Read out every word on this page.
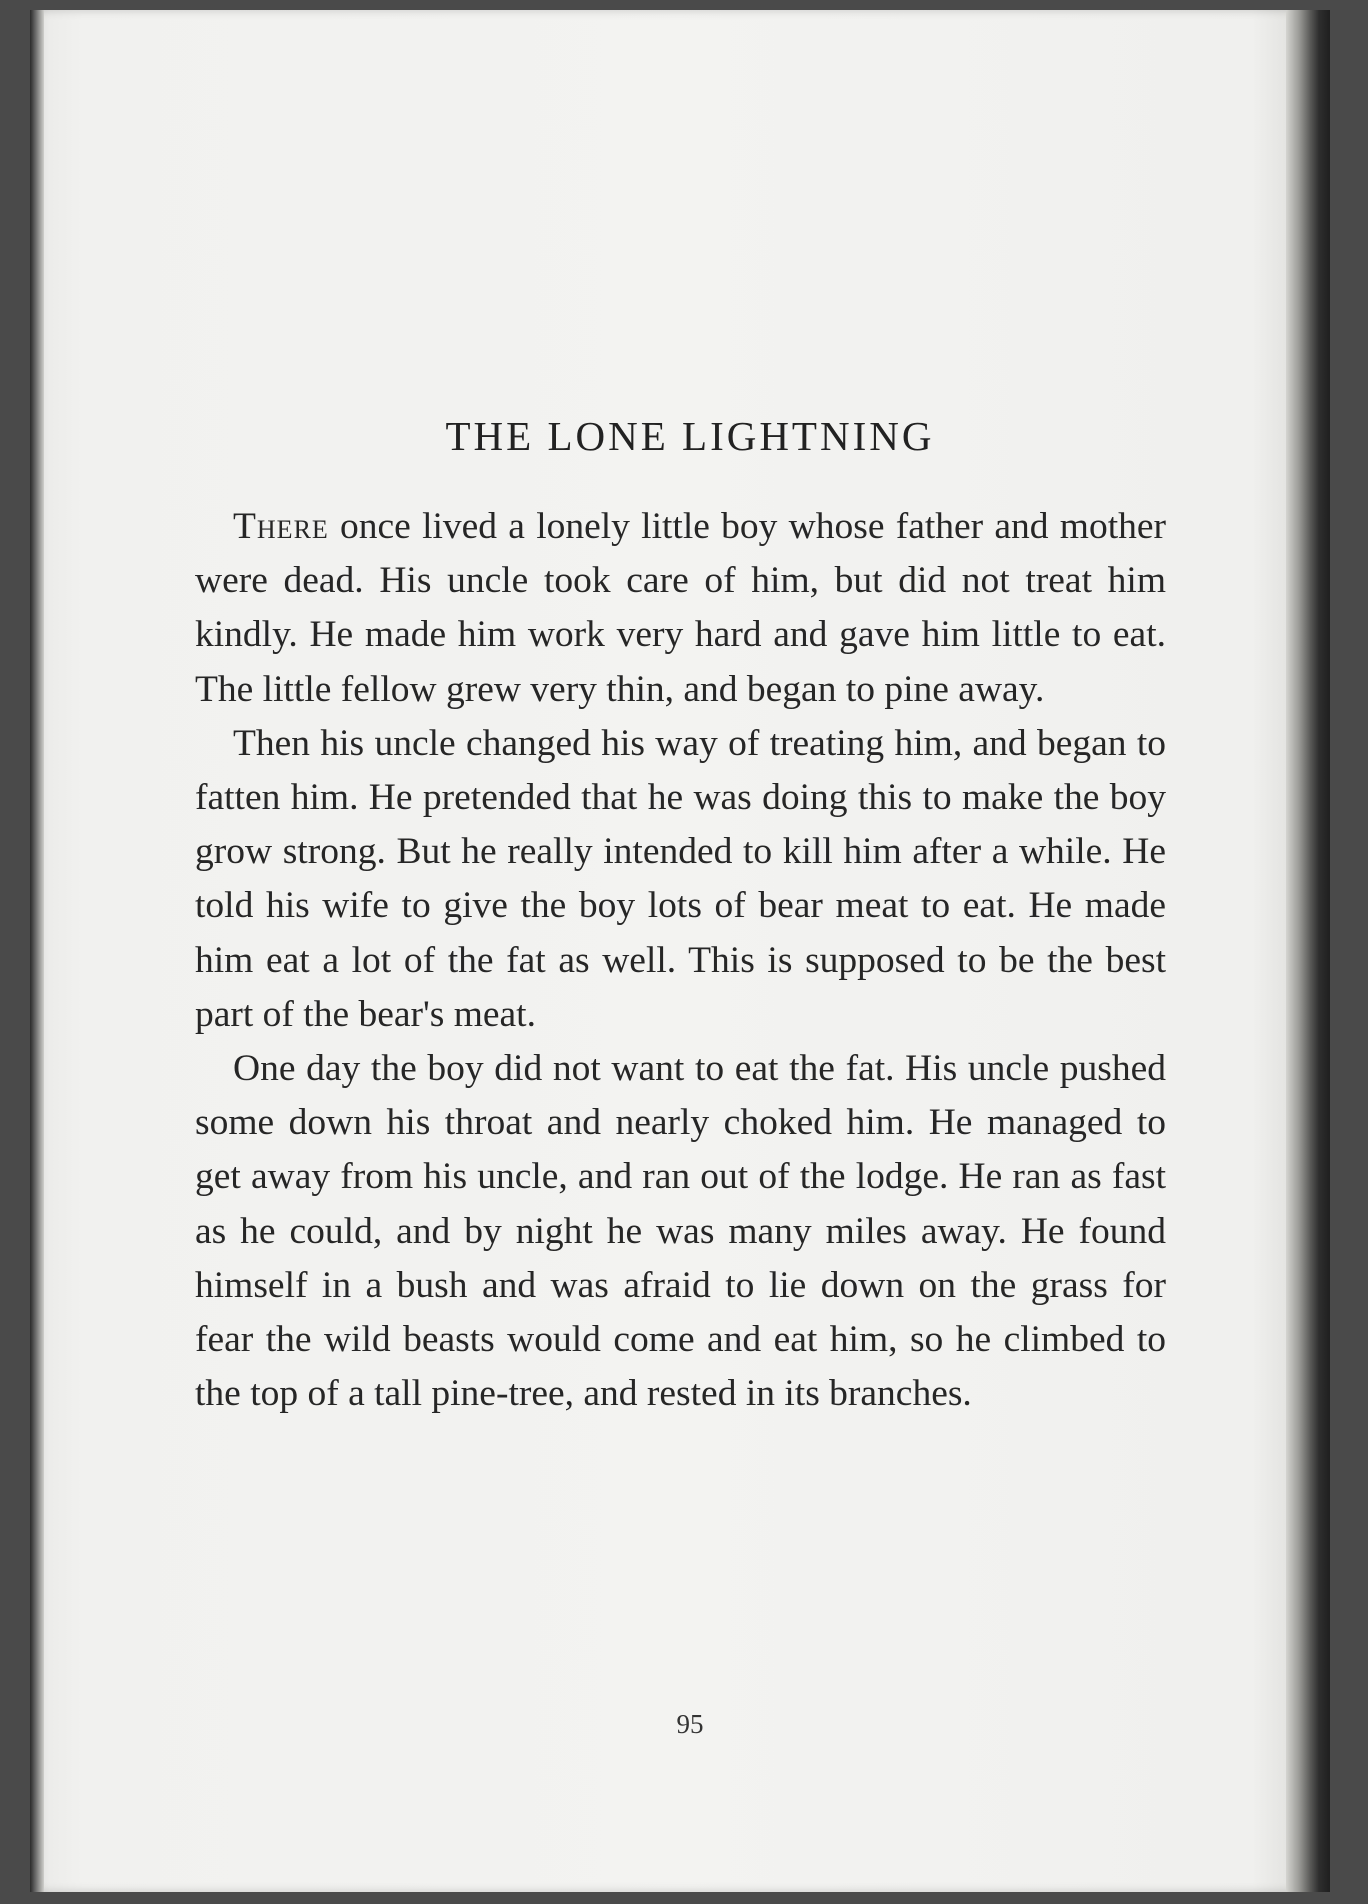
THE LONE LIGHTNING

There once lived a lonely little boy whose father and mother were dead. His uncle took care of him, but did not treat him kindly. He made him work very hard and gave him little to eat. The little fellow grew very thin, and began to pine away.

Then his uncle changed his way of treating him, and began to fatten him. He pretended that he was doing this to make the boy grow strong. But he really intended to kill him after a while. He told his wife to give the boy lots of bear meat to eat. He made him eat a lot of the fat as well. This is supposed to be the best part of the bear's meat.

One day the boy did not want to eat the fat. His uncle pushed some down his throat and nearly choked him. He managed to get away from his uncle, and ran out of the lodge. He ran as fast as he could, and by night he was many miles away. He found himself in a bush and was afraid to lie down on the grass for fear the wild beasts would come and eat him, so he climbed to the top of a tall pine-tree, and rested in its branches.

95
